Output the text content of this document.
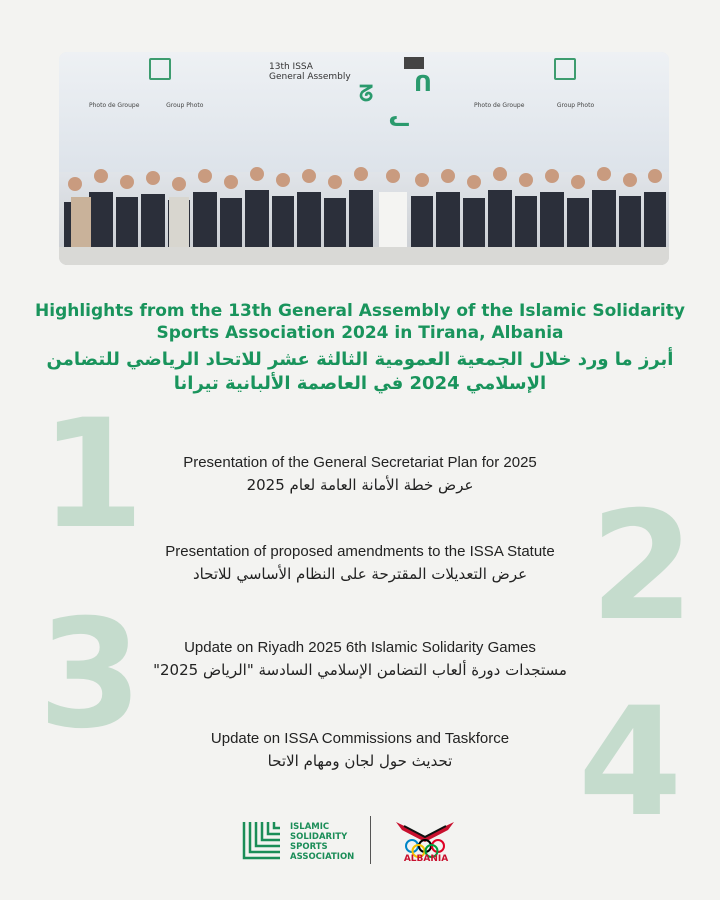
13th ISSA
General Assembly
ᘔ
ᓚ
ᑎ
Photo de Groupe	Group Photo	Photo de Groupe	Group Photo
Highlights from the 13th General Assembly of the Islamic Solidarity Sports Association 2024 in Tirana, Albania
أبرز ما ورد خلال الجمعية العمومية الثالثة عشر للاتحاد الرياضي للتضامن الإسلامي 2024 في العاصمة الألبانية تيرانا
1
2
3
4
Presentation of the General Secretariat Plan for 2025
عرض خطة الأمانة العامة لعام 2025
Presentation of proposed amendments to the ISSA Statute
عرض التعديلات المقترحة على النظام الأساسي للاتحاد
Update on Riyadh 2025 6th Islamic Solidarity Games
مستجدات دورة ألعاب التضامن الإسلامي السادسة "الرياض 2025"
Update on ISSA Commissions and Taskforce
تحديث حول لجان ومهام الاتحا
ISLAMIC
SOLIDARITY
SPORTS
ASSOCIATION	ALBANIA
